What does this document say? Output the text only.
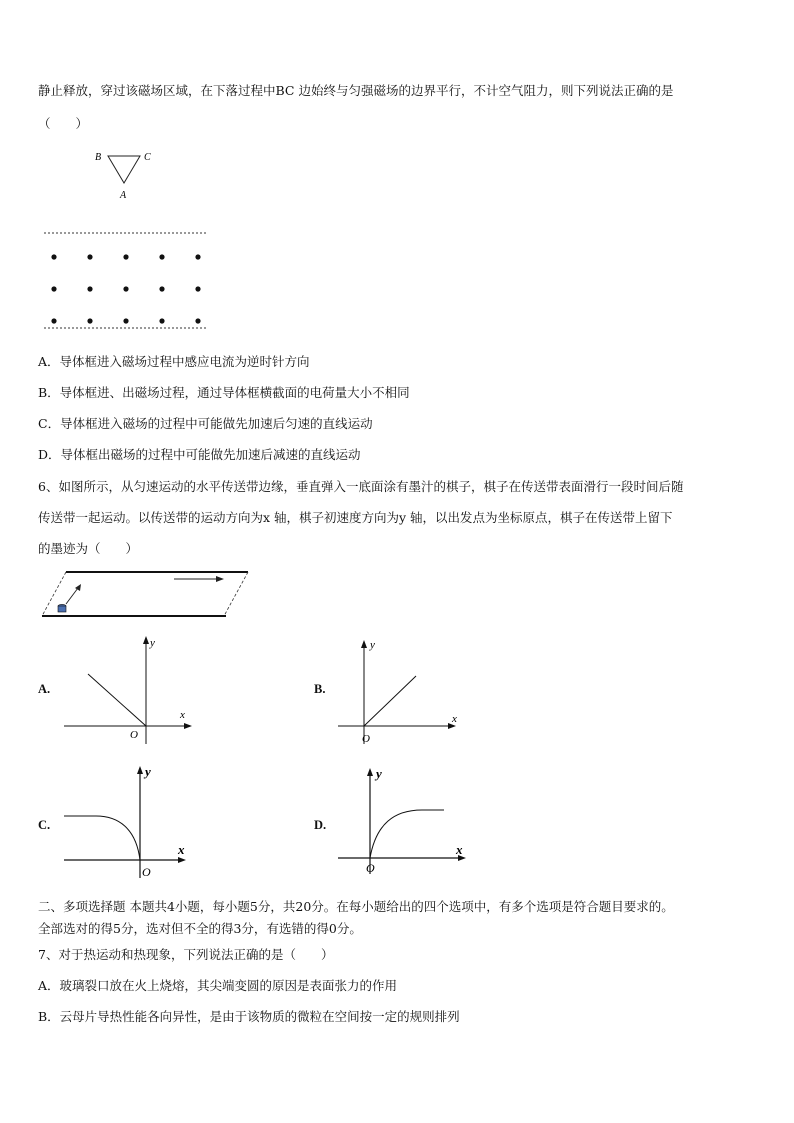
静止释放，穿过该磁场区域，在下落过程中BC 边始终与匀强磁场的边界平行，不计空气阻力，则下列说法正确的是
（　　）
B	C
A
A．导体框进入磁场过程中感应电流为逆时针方向
B．导体框进、出磁场过程，通过导体框横截面的电荷量大小不相同
C．导体框进入磁场的过程中可能做先加速后匀速的直线运动
D．导体框出磁场的过程中可能做先加速后减速的直线运动
6、如图所示，从匀速运动的水平传送带边缘，垂直弹入一底面涂有墨汁的棋子，棋子在传送带表面滑行一段时间后随
传送带一起运动。以传送带的运动方向为x 轴，棋子初速度方向为y 轴，以出发点为坐标原点，棋子在传送带上留下
的墨迹为（　　）
A.
y
x
O
B.
y
x
O
C.
y
x
O
D.
y
x
O
二、多项选择题 本题共4小题，每小题5分，共20分。在每小题给出的四个选项中，有多个选项是符合题目要求的。
全部选对的得5分，选对但不全的得3分，有选错的得0分。
7、对于热运动和热现象，下列说法正确的是（　　）
A．玻璃裂口放在火上烧熔，其尖端变圆的原因是表面张力的作用
B．云母片导热性能各向异性，是由于该物质的微粒在空间按一定的规则排列
